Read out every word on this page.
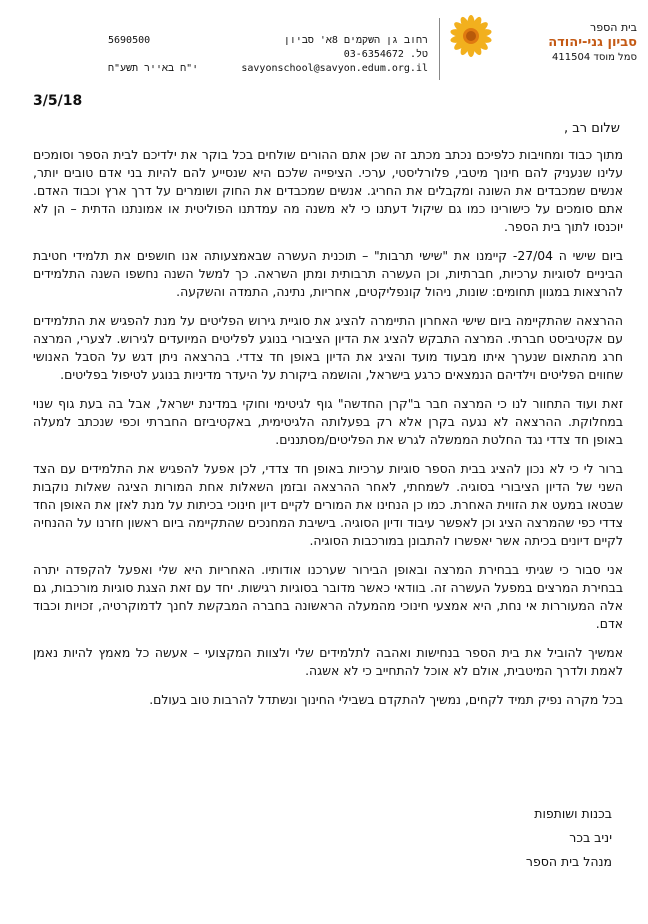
בית הספר
סביון גני-יהודה
סמל מוסד 411504
רחוב גן השקמים 8א' סביון
5690500
טל. 03-6354672
savyonschool@savyon.edum.org.il
י"ח באייר תשע"ח
3/5/18
שלום רב ,

מתוך כבוד ומחויבות כלפיכם נכתב מכתב זה שכן אתם ההורים שולחים בכל בוקר את ילדיכם לבית הספר וסומכים עלינו שנעניק להם חינוך מיטבי, פלורליסטי, ערכי. הציפייה שלכם היא שנסייע להם להיות בני אדם טובים יותר, אנשים שמכבדים את השונה ומקבלים את החריג. אנשים שמכבדים את החוק ושומרים על דרך ארץ וכבוד האדם. אתם סומכים על כישורינו כמו גם שיקול דעתנו כי לא משנה מה עמדתנו הפוליטית או אמונתנו הדתית – הן לא יוכנסו לתוך בית הספר.

ביום שישי ה 27/04- קיימנו את "שישי תרבות" – תוכנית העשרה שבאמצעותה אנו חושפים את תלמידי חטיבת הביניים לסוגיות ערכיות, חברתיות, וכן העשרה תרבותית ומתן השראה. כך למשל השנה נחשפו השנה התלמידים להרצאות במגוון תחומים: שונות, ניהול קונפליקטים, אחריות, נתינה, התמדה והשקעה.

ההרצאה שהתקיימה ביום שישי האחרון התיימרה להציג את סוגיית גירוש הפליטים על מנת להפגיש את התלמידים עם אקטיביסט חברתי. המרצה התבקש להציג את הדיון הציבורי בנוגע לפליטים המיועדים לגירוש. לצערי, המרצה חרג מהתאום שנערך איתו מבעוד מועד והציג את הדיון באופן חד צדדי. בהרצאה ניתן דגש על הסבל האנושי שחווים הפליטים וילדיהם הנמצאים כרגע בישראל, והושמה ביקורת על היעדר מדיניות בנוגע לטיפול בפליטים.

זאת ועוד התחוור לנו כי המרצה חבר ב"קרן החדשה" גוף לגיטימי וחוקי במדינת ישראל, אבל בה בעת גוף שנוי במחלוקת. ההרצאה לא נגעה בקרן אלא רק בפעלותה הלגיטימית, באקטיביזם החברתי וכפי שנכתב למעלה באופן חד צדדי נגד החלטת הממשלה לגרש את הפליטים/מסתננים.

ברור לי כי לא נכון להציג בבית הספר סוגיות ערכיות באופן חד צדדי, לכן אפעל להפגיש את התלמידים עם הצד השני של הדיון הציבורי בסוגיה. לשמחתי, לאחר ההרצאה ובזמן השאלות אחת המורות הציגה שאלות נוקבות שבטאו במעט את הזווית האחרת. כמו כן הנחינו את המורים לקיים דיון חינוכי בכיתות על מנת לאזן את האופן החד צדדי כפי שהמרצה הציג וכן לאפשר עיבוד ודיון הסוגיה. בישיבת המחנכים שהתקיימה ביום ראשון חזרנו על ההנחיה לקיים דיונים בכיתה אשר יאפשרו להתבונן במורכבות הסוגיה.

אני סבור כי שגיתי בבחירת המרצה ובאופן הבירור שערכנו אודותיו. האחריות היא שלי ואפעל להקפדה יתרה בבחירת המרצים במפעל העשרה זה. בוודאי כאשר מדובר בסוגיות רגישות. יחד עם זאת הצגת סוגיות מורכבות, גם אלה המעוררות אי נחת, היא אמצעי חינוכי מהמעלה הראשונה בחברה המבקשת לחנך לדמוקרטיה, זכויות וכבוד אדם.

אמשיך להוביל את בית הספר בנחישות ואהבה לתלמידים שלי ולצוות המקצועי – אעשה כל מאמץ להיות נאמן לאמת ולדרך המיטבית, אולם לא אוכל להתחייב כי לא אשגה.

בכל מקרה נפיק תמיד לקחים, נמשיך להתקדם בשבילי החינוך ונשתדל להרבות טוב בעולם.

בכנות ושותפות
יניב בכר
מנהל בית הספר
